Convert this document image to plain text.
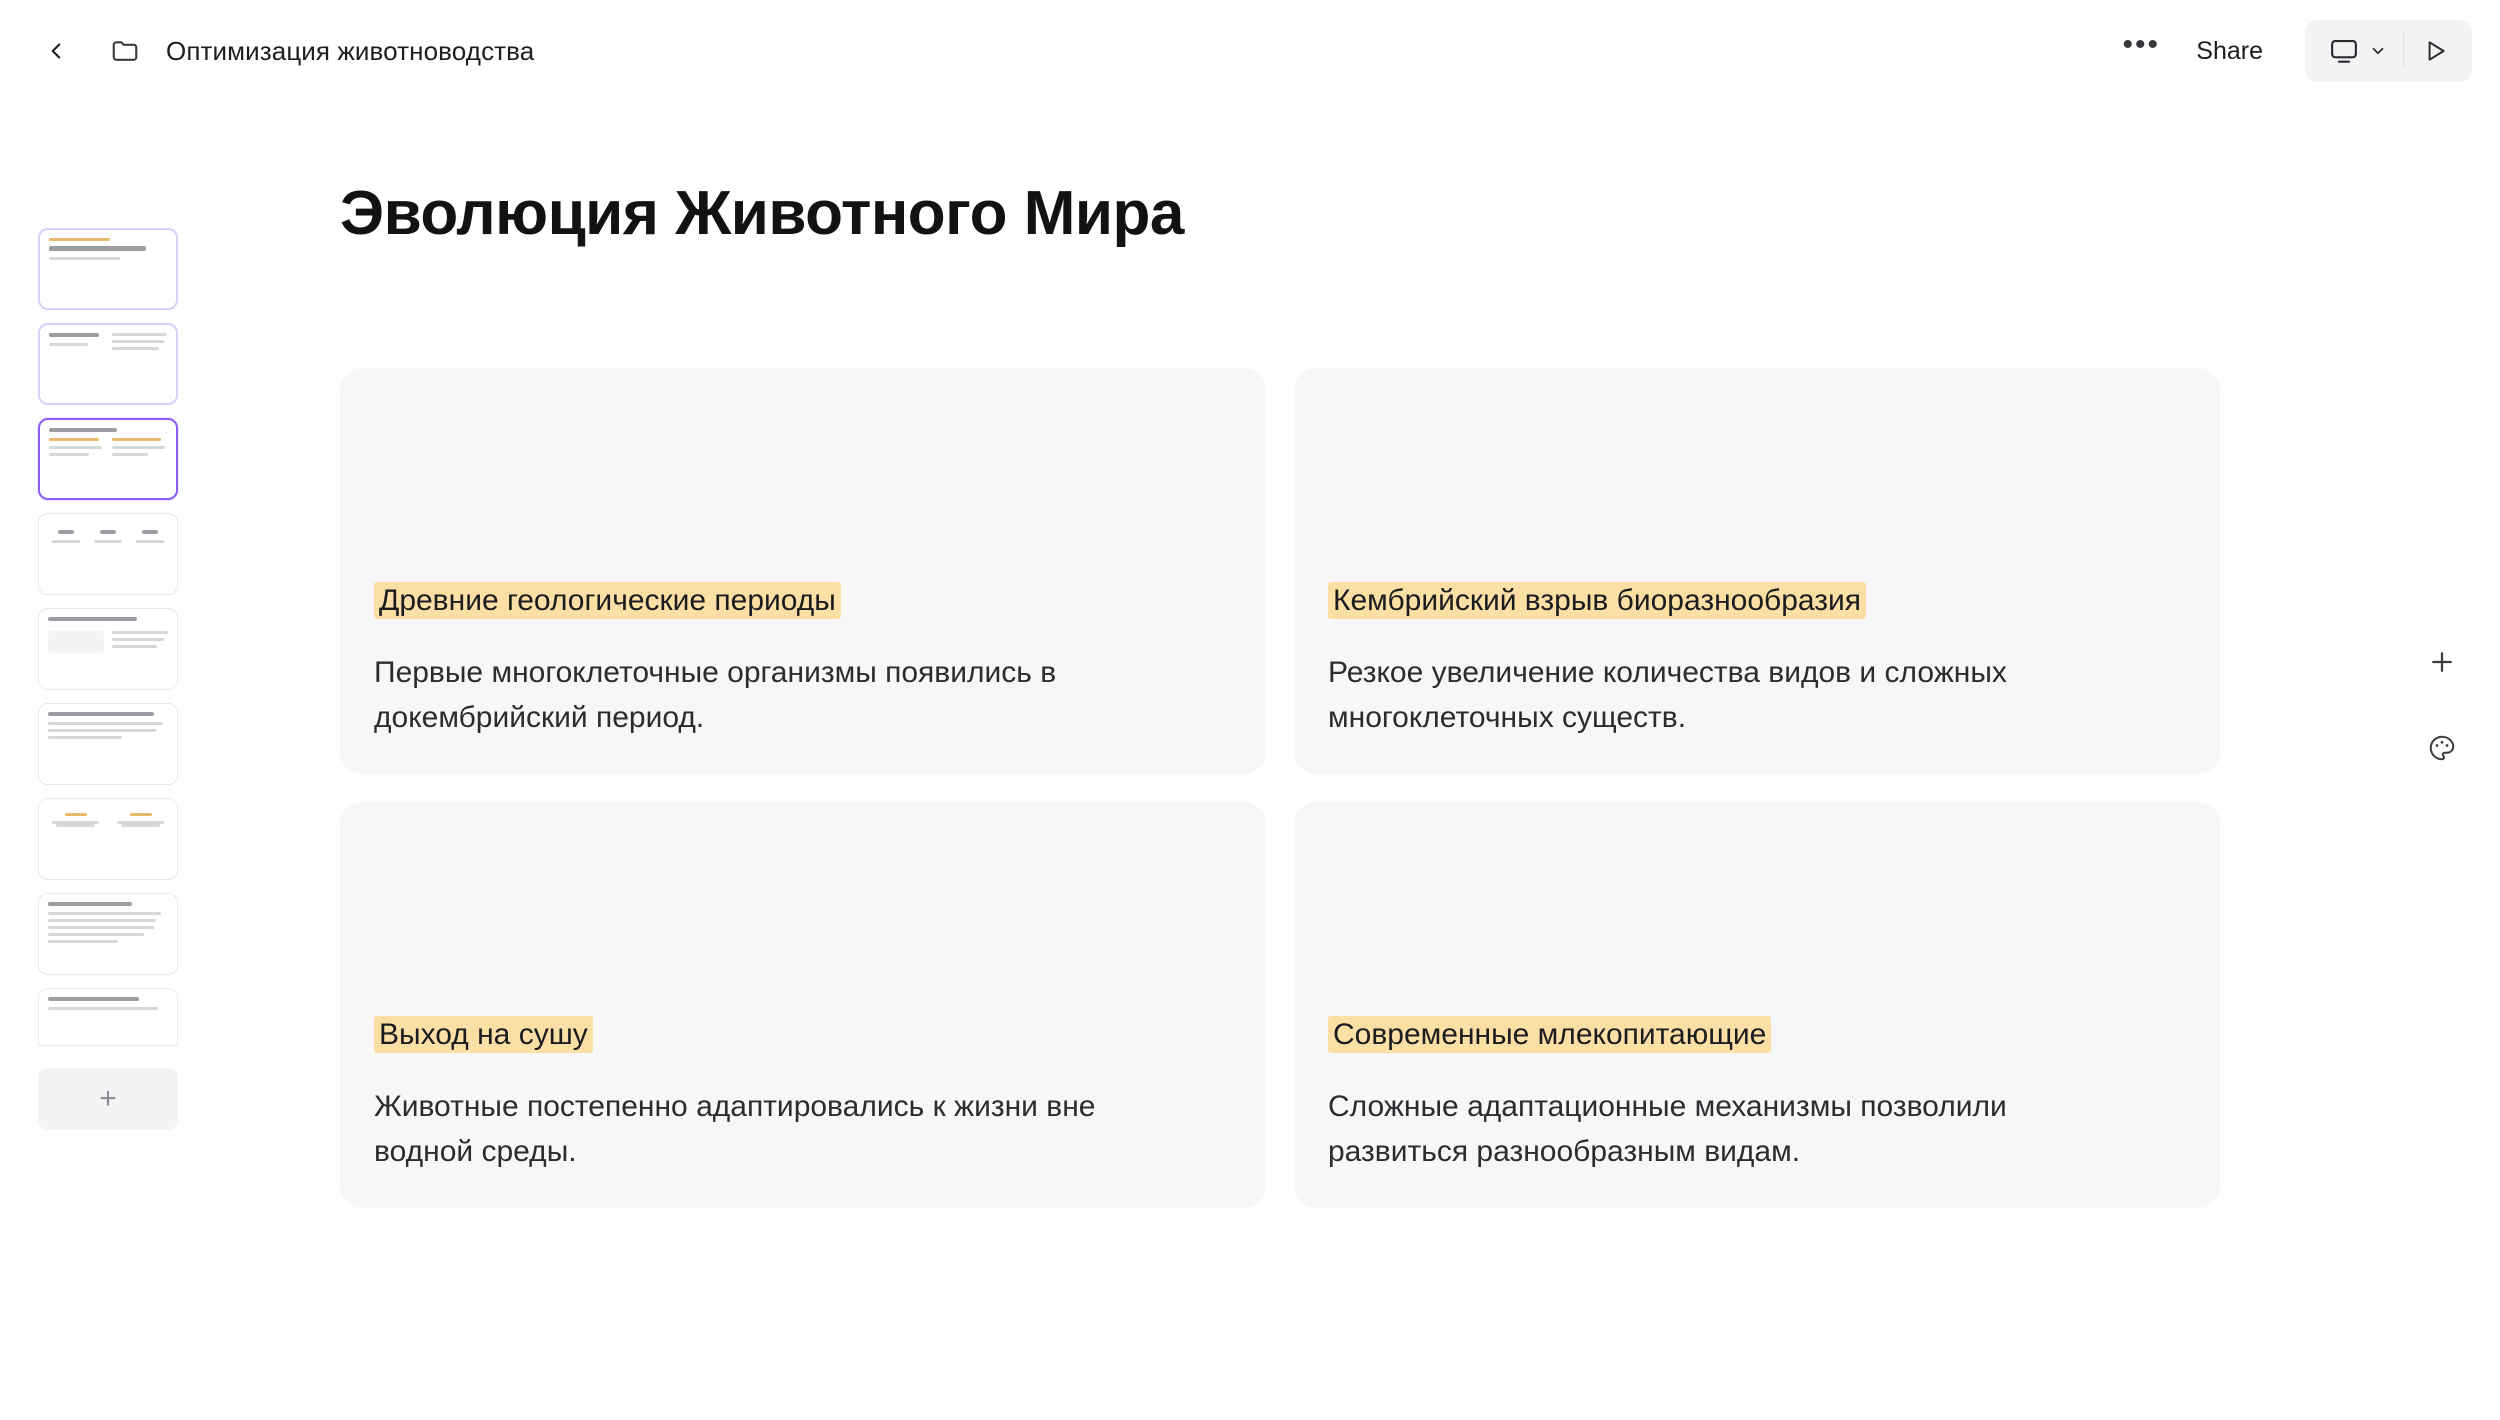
Оптимизация животноводства	•••	Share
+
Эволюция Животного Мира
Древние геологические периоды
Первые многоклеточные организмы появились в докембрийский период.
Кембрийский взрыв биоразнообразия
Резкое увеличение количества видов и сложных многоклеточных существ.
Выход на сушу
Животные постепенно адаптировались к жизни вне водной среды.
Современные млекопитающие
Сложные адаптационные механизмы позволили развиться разнообразным видам.
